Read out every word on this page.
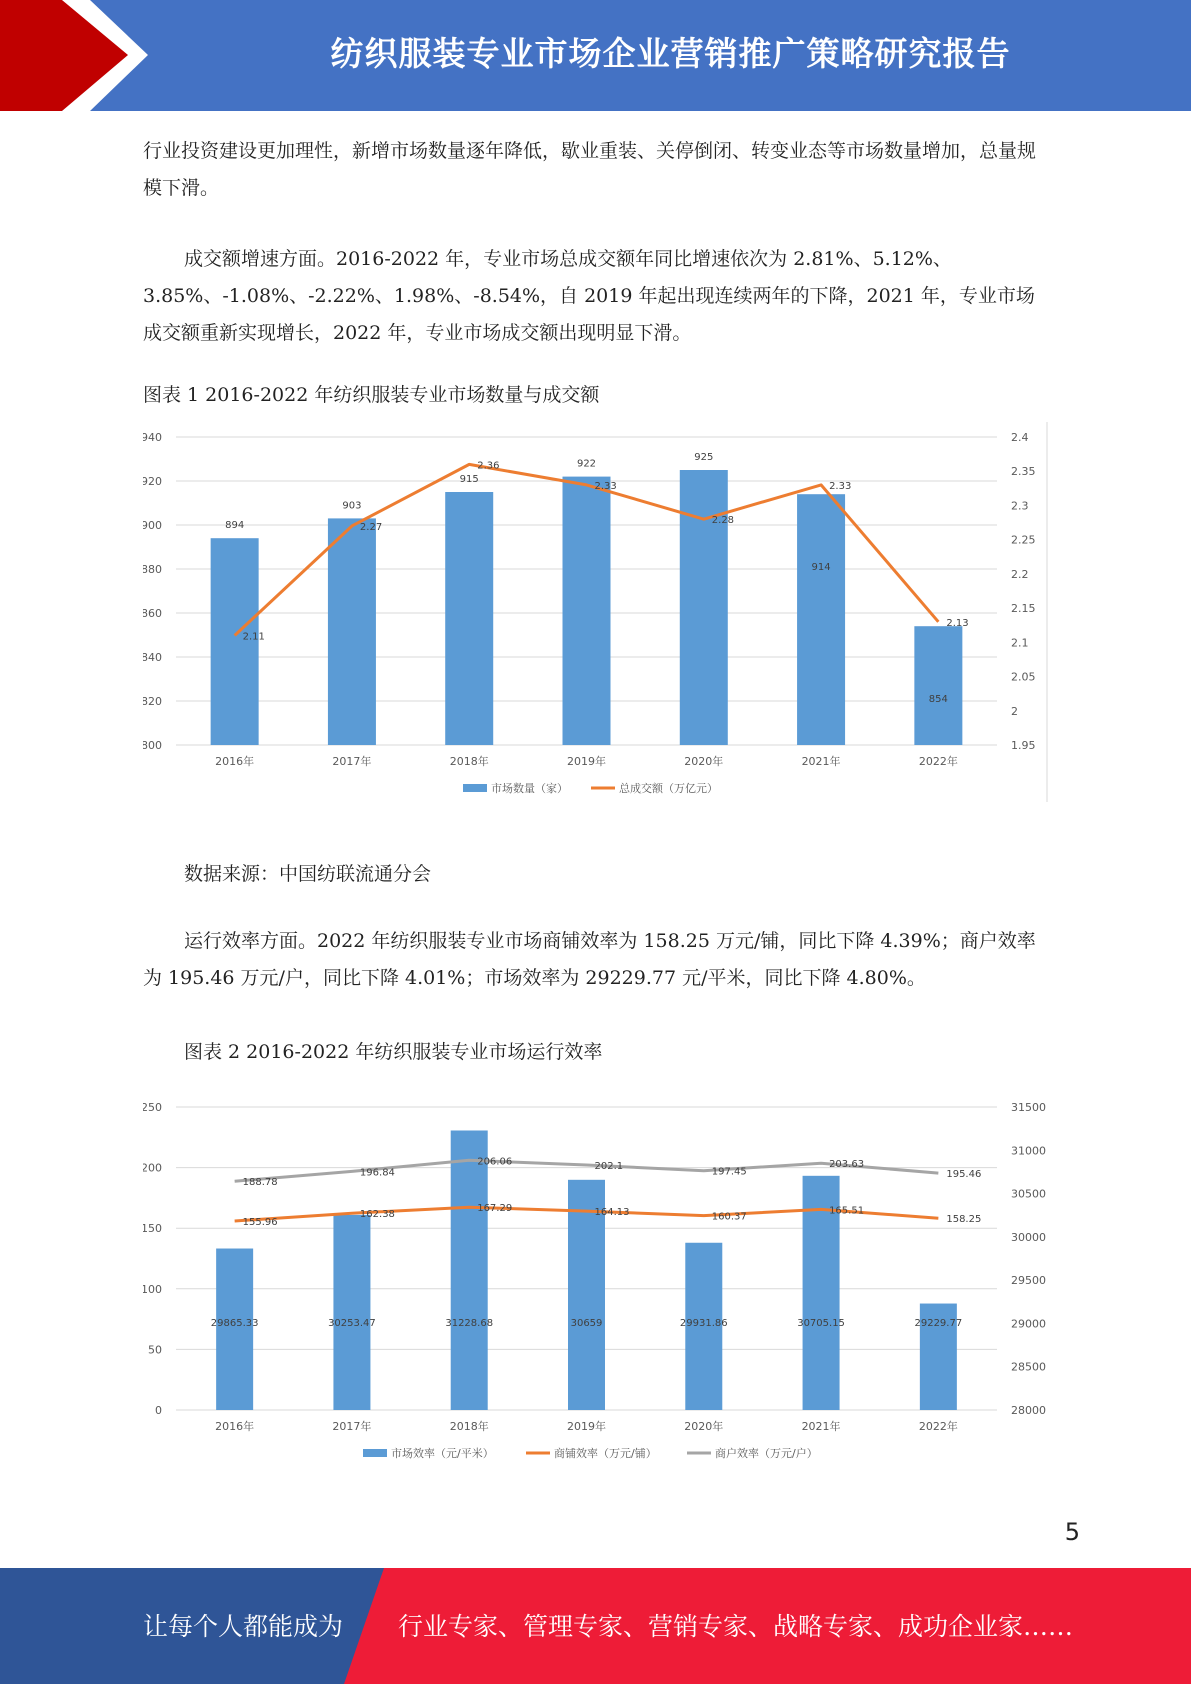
纺织服装专业市场企业营销推广策略研究报告

行业投资建设更加理性，新增市场数量逐年降低，歇业重装、关停倒闭、转变业态等市场数量增加，总量规模下滑。

成交额增速方面。2016-2022 年，专业市场总成交额年同比增速依次为 2.81%、5.12%、3.85%、-1.08%、-2.22%、1.98%、-8.54%，自 2019 年起出现连续两年的下降，2021 年，专业市场成交额重新实现增长，2022 年，专业市场成交额出现明显下滑。

图表 1 2016-2022 年纺织服装专业市场数量与成交额
800
820
840
860
880
900
920
940
1.95
2
2.05
2.1
2.15
2.2
2.25
2.3
2.35
2.4
2016年	2017年	2018年	2019年	2020年	2021年	2022年
894
903
915
922
925
914
854
2.11
2.27
2.36
2.33
2.28
2.33
2.13
市场数量（家）	总成交额（万亿元）
数据来源：中国纺联流通分会

运行效率方面。2022 年纺织服装专业市场商铺效率为 158.25 万元/铺，同比下降 4.39%；商户效率为 195.46 万元/户，同比下降 4.01%；市场效率为 29229.77 元/平米，同比下降 4.80%。

图表 2 2016-2022 年纺织服装专业市场运行效率
0
50
100
150
200
250
28000
28500
29000
29500
30000
30500
31000
31500
2016年	2017年	2018年	2019年	2020年	2021年	2022年
29865.33	30253.47	31228.68	30659	29931.86	30705.15	29229.77
155.96
162.38
167.29	164.13	160.37
165.51
158.25
188.78
196.84
206.06	202.1
197.45
203.63
195.46
市场效率（元/平米）	商铺效率（万元/铺）	商户效率（万元/户）
5
让每个人都能成为 行业专家、管理专家、营销专家、战略专家、成功企业家……
